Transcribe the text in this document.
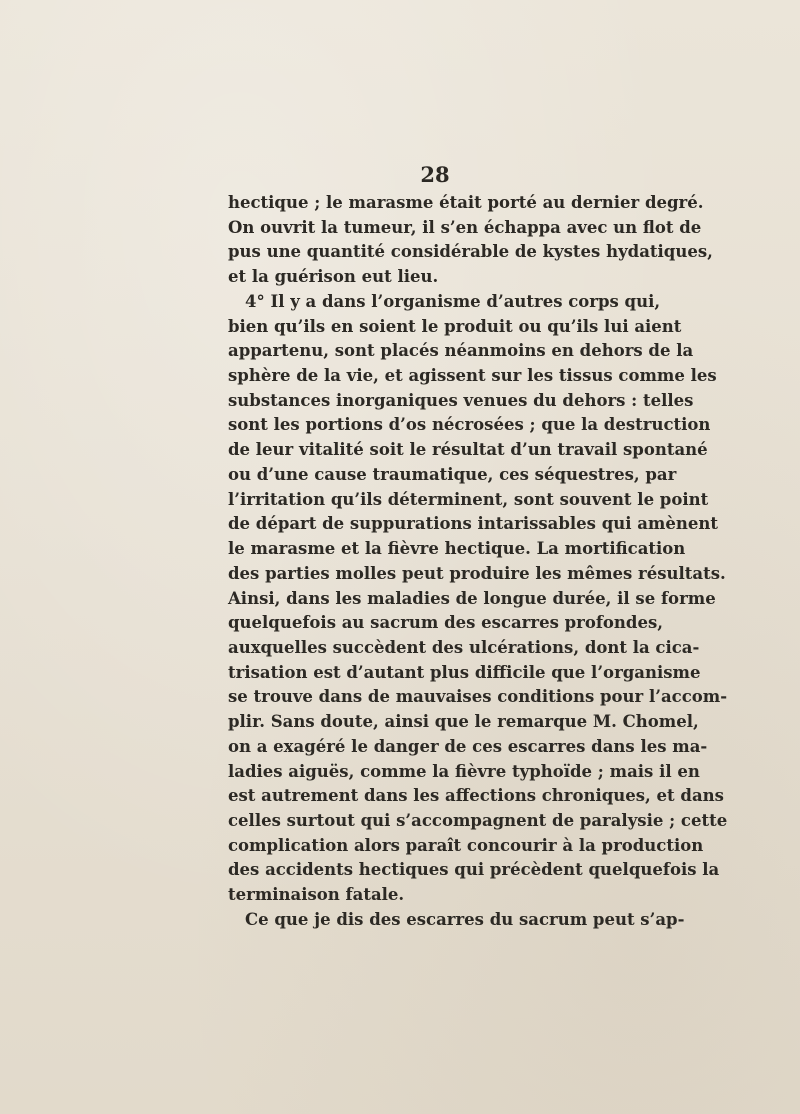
28
hectique ; le marasme était porté au dernier degré.
On ouvrit la tumeur, il s’en échappa avec un flot de
pus une quantité considérable de kystes hydatiques,
et la guérison eut lieu.
4° Il y a dans l’organisme d’autres corps qui,
bien qu’ils en soient le produit ou qu’ils lui aient
appartenu, sont placés néanmoins en dehors de la
sphère de la vie, et agissent sur les tissus comme les
substances inorganiques venues du dehors : telles
sont les portions d’os nécrosées ; que la destruction
de leur vitalité soit le résultat d’un travail spontané
ou d’une cause traumatique, ces séquestres, par
l’irritation qu’ils déterminent, sont souvent le point
de départ de suppurations intarissables qui amènent
le marasme et la fièvre hectique. La mortification
des parties molles peut produire les mêmes résultats.
Ainsi, dans les maladies de longue durée, il se forme
quelquefois au sacrum des escarres profondes,
auxquelles succèdent des ulcérations, dont la cica-
trisation est d’autant plus difficile que l’organisme
se trouve dans de mauvaises conditions pour l’accom-
plir. Sans doute, ainsi que le remarque M. Chomel,
on a exagéré le danger de ces escarres dans les ma-
ladies aiguës, comme la fièvre typhoïde ; mais il en
est autrement dans les affections chroniques, et dans
celles surtout qui s’accompagnent de paralysie ; cette
complication alors paraît concourir à la production
des accidents hectiques qui précèdent quelquefois la
terminaison fatale.
Ce que je dis des escarres du sacrum peut s’ap-
